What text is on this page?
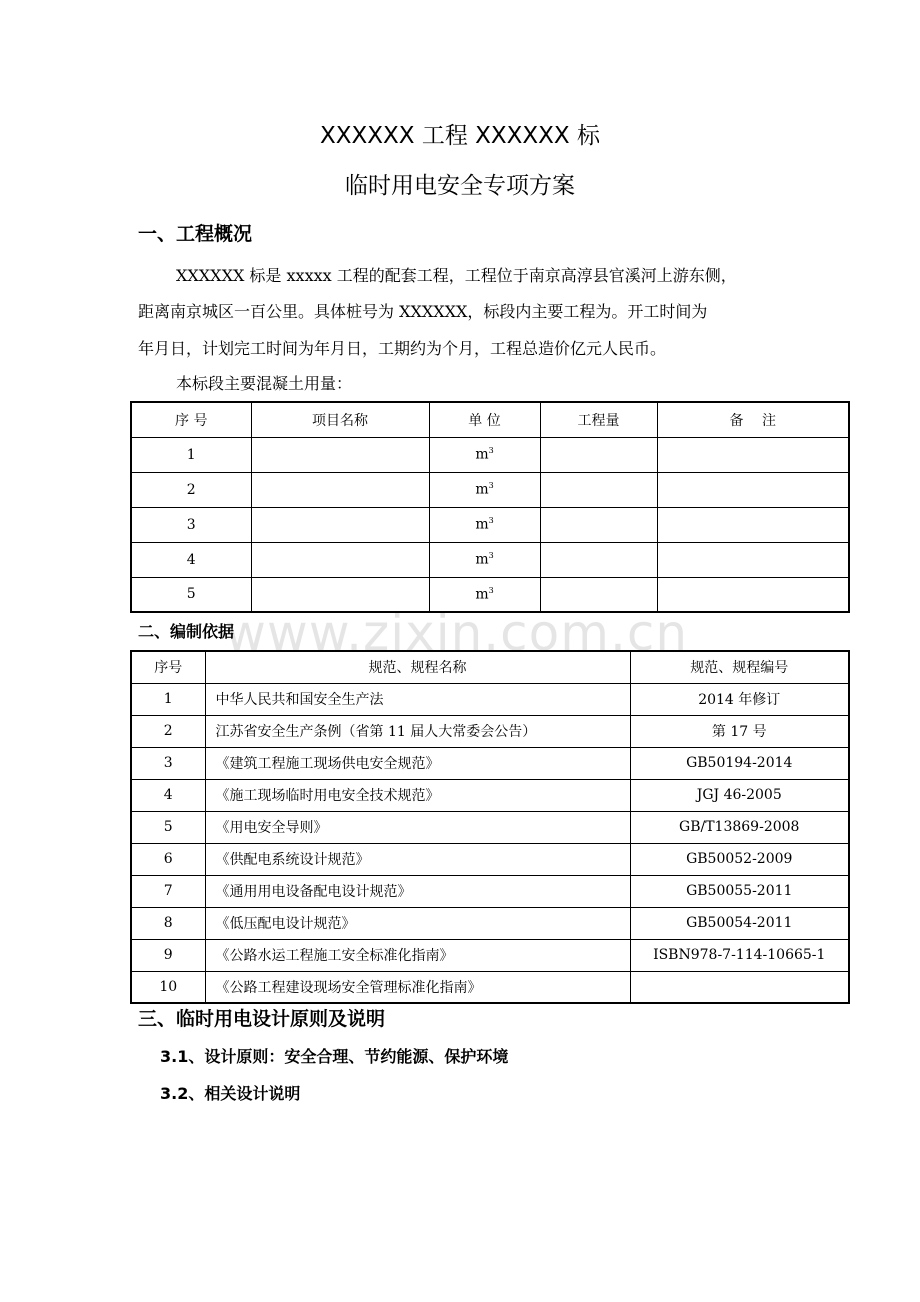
www.zixin.com.cn
XXXXXX 工程 XXXXXX 标
临时用电安全专项方案
一、工程概况
XXXXXX 标是 xxxxx 工程的配套工程，工程位于南京高淳县官溪河上游东侧，
距离南京城区一百公里。具体桩号为 XXXXXX，标段内主要工程为。开工时间为
年月日，计划完工时间为年月日，工期约为个月，工程总造价亿元人民币。
本标段主要混凝土用量：
序 号	项目名称	单 位	工程量	备　 注
1		$m^3$		
2		$m^3$		
3		$m^3$		
4		$m^3$		
5		$m^3$		
二、编制依据
序号	规范、规程名称	规范、规程编号
1	中华人民共和国安全生产法	2014 年修订
2	江苏省安全生产条例（省第 11 届人大常委会公告）	第 17 号
3	《建筑工程施工现场供电安全规范》	GB50194-2014
4	《施工现场临时用电安全技术规范》	JGJ 46-2005
5	《用电安全导则》	GB/T13869-2008
6	《供配电系统设计规范》	GB50052-2009
7	《通用用电设备配电设计规范》	GB50055-2011
8	《低压配电设计规范》	GB50054-2011
9	《公路水运工程施工安全标准化指南》	ISBN978-7-114-10665-1
10	《公路工程建设现场安全管理标准化指南》	
三、临时用电设计原则及说明
3.1、设计原则：安全合理、节约能源、保护环境
3.2、相关设计说明
